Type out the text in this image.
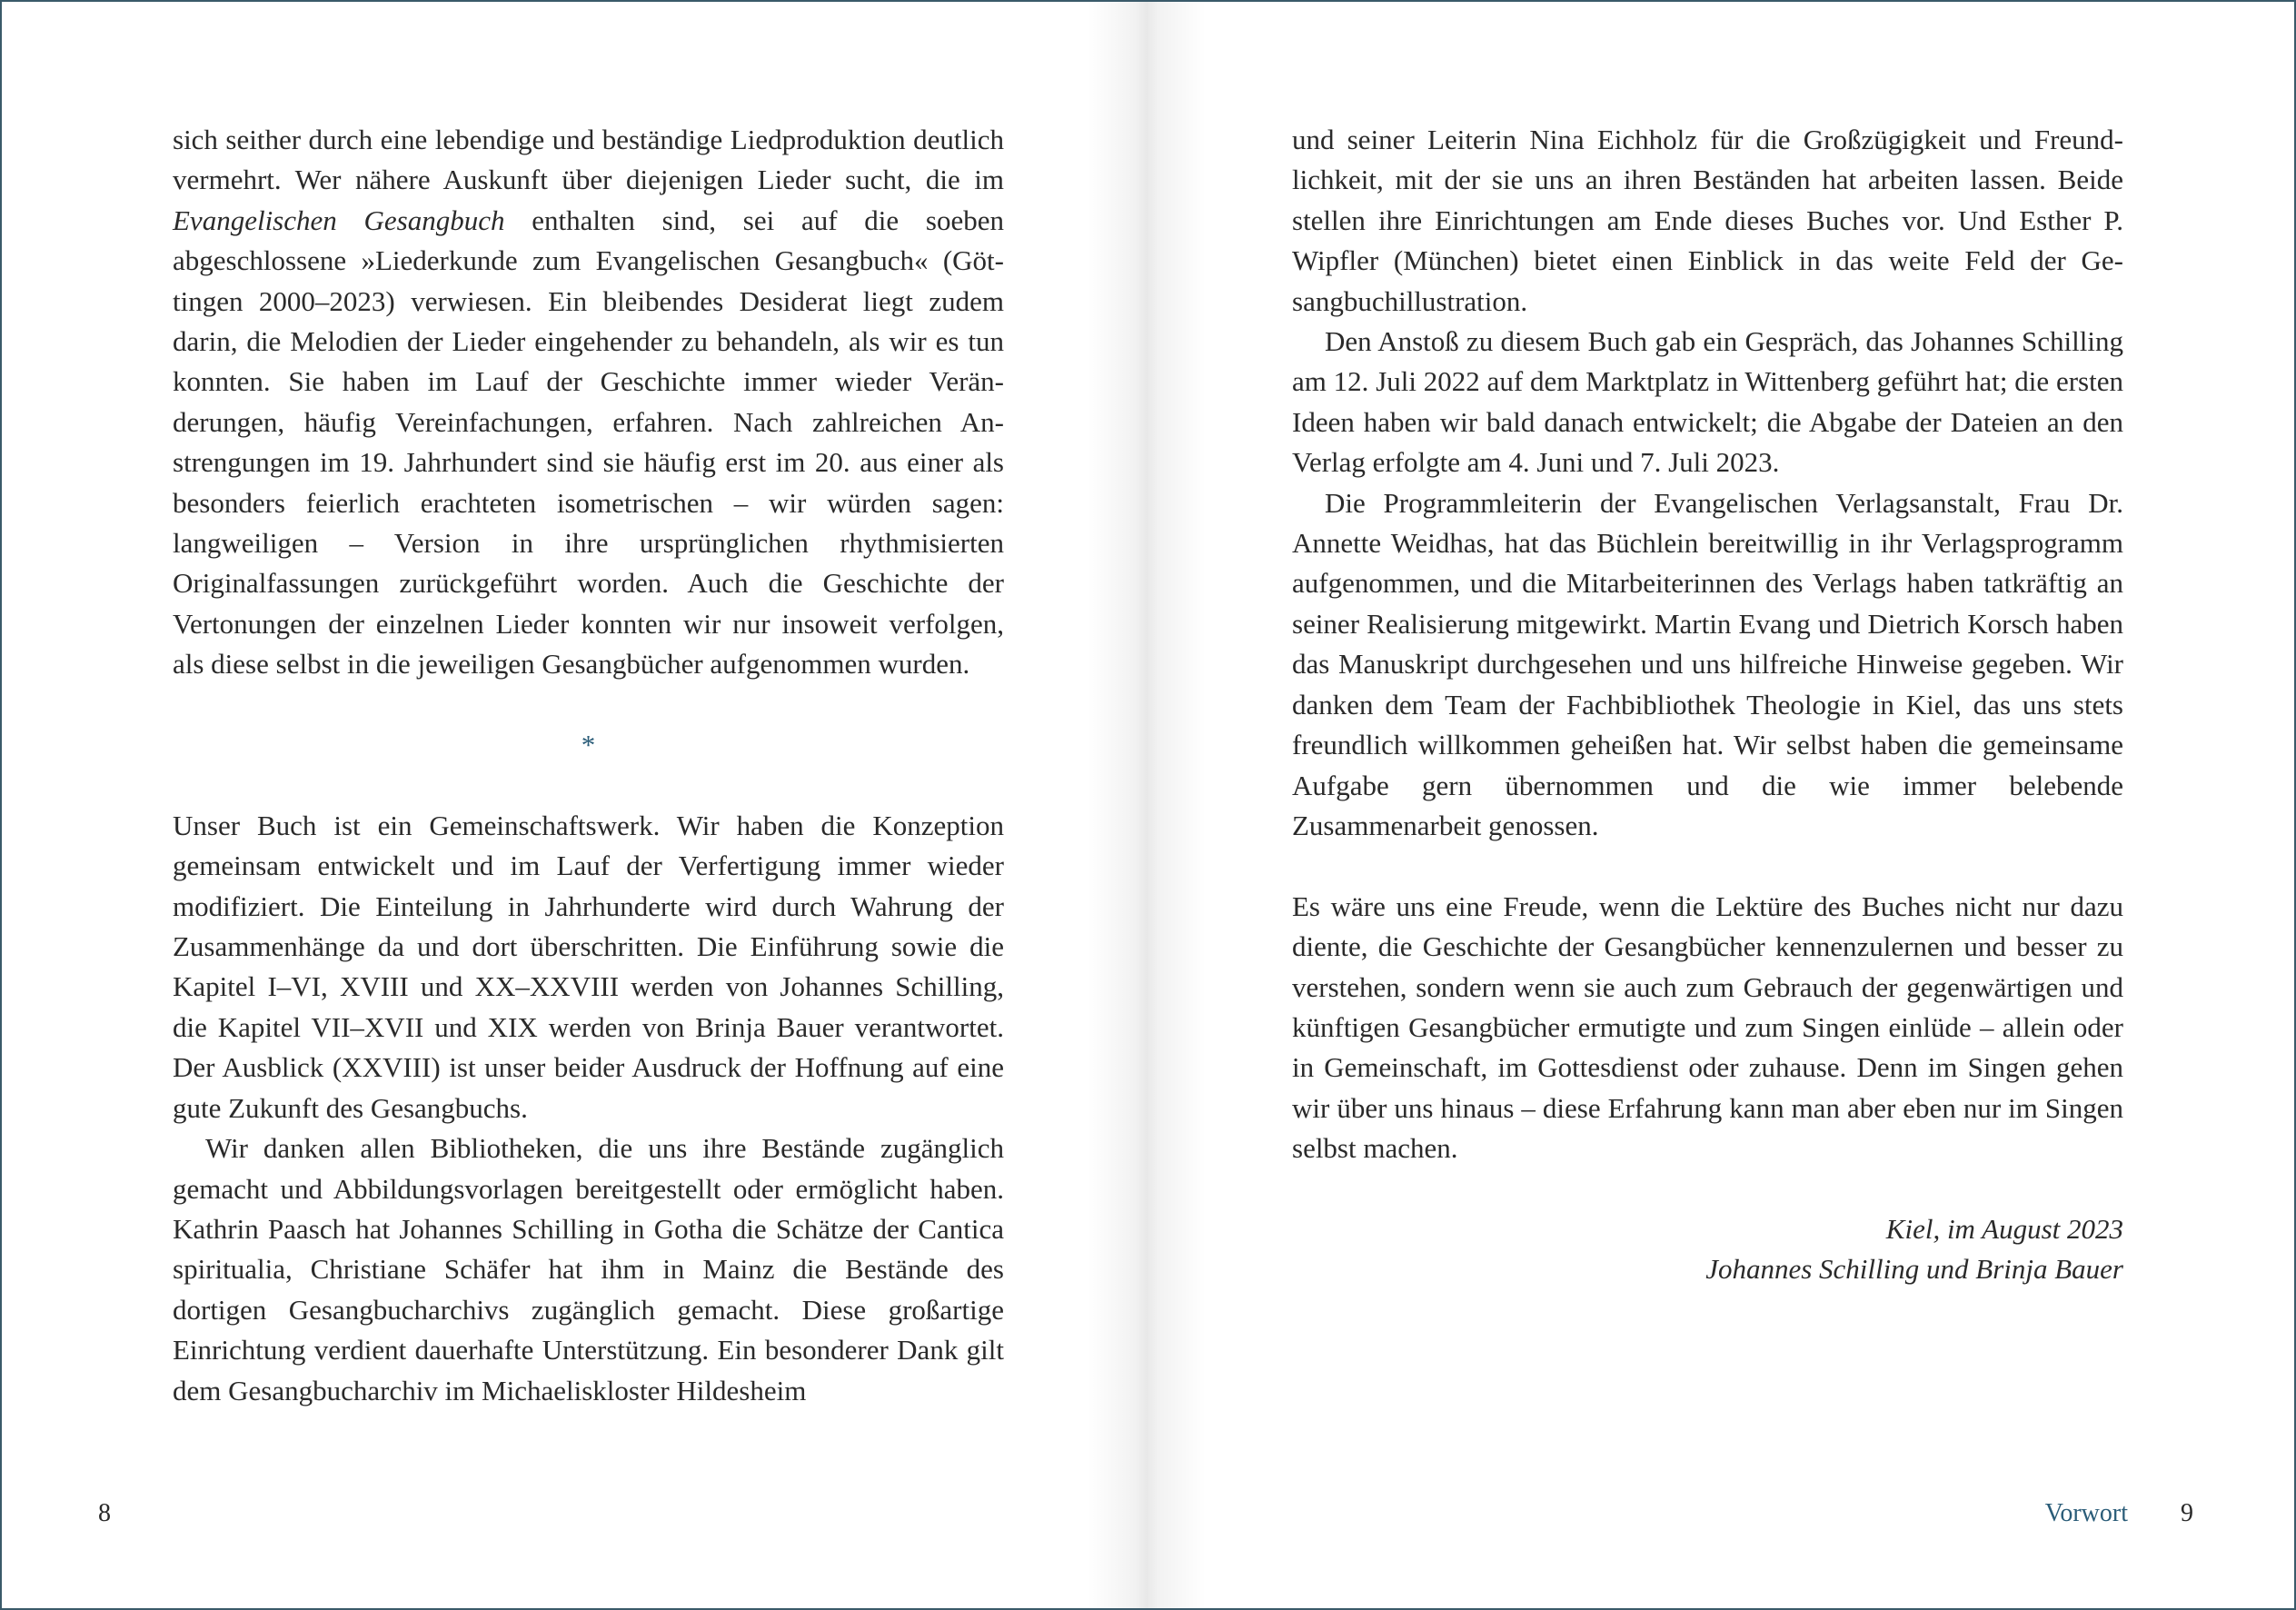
sich seither durch eine lebendige und beständige Liedproduktion deutlich vermehrt. Wer nähere Auskunft über diejenigen Lieder sucht, die im Evangelischen Gesangbuch enthalten sind, sei auf die soeben abgeschlossene »Liederkunde zum Evangelischen Gesangbuch« (Göttingen 2000–2023) verwiesen. Ein bleibendes Desiderat liegt zudem darin, die Melodien der Lieder eingehender zu behandeln, als wir es tun konnten. Sie haben im Lauf der Geschichte immer wieder Veränderungen, häufig Vereinfachungen, erfahren. Nach zahlreichen Anstrengungen im 19. Jahrhundert sind sie häufig erst im 20. aus einer als besonders feierlich erachteten isometrischen – wir würden sagen: langweiligen – Version in ihre ursprünglichen rhythmisierten Originalfassungen zurückgeführt worden. Auch die Geschichte der Vertonungen der einzelnen Lieder konnten wir nur insoweit verfolgen, als diese selbst in die jeweiligen Gesangbücher aufgenommen wurden.

*

Unser Buch ist ein Gemeinschaftswerk. Wir haben die Konzeption gemeinsam entwickelt und im Lauf der Verfertigung immer wieder modifiziert. Die Einteilung in Jahrhunderte wird durch Wahrung der Zusammenhänge da und dort überschritten. Die Einführung sowie die Kapitel I–VI, XVIII und XX–XXVIII werden von Johannes Schilling, die Kapitel VII–XVII und XIX werden von Brinja Bauer verantwortet. Der Ausblick (XXVIII) ist unser beider Ausdruck der Hoffnung auf eine gute Zukunft des Gesangbuchs.

Wir danken allen Bibliotheken, die uns ihre Bestände zugänglich gemacht und Abbildungsvorlagen bereitgestellt oder ermöglicht haben. Kathrin Paasch hat Johannes Schilling in Gotha die Schätze der Cantica spiritualia, Christiane Schäfer hat ihm in Mainz die Bestände des dortigen Gesangbucharchivs zugänglich gemacht. Diese großartige Einrichtung verdient dauerhafte Unterstützung. Ein besonderer Dank gilt dem Gesangbucharchiv im Michaeliskloster Hildesheim

und seiner Leiterin Nina Eichholz für die Großzügigkeit und Freundlichkeit, mit der sie uns an ihren Beständen hat arbeiten lassen. Beide stellen ihre Einrichtungen am Ende dieses Buches vor. Und Esther P. Wipfler (München) bietet einen Einblick in das weite Feld der Gesangbuchillustration.

Den Anstoß zu diesem Buch gab ein Gespräch, das Johannes Schilling am 12. Juli 2022 auf dem Marktplatz in Wittenberg geführt hat; die ersten Ideen haben wir bald danach entwickelt; die Abgabe der Dateien an den Verlag erfolgte am 4. Juni und 7. Juli 2023.

Die Programmleiterin der Evangelischen Verlagsanstalt, Frau Dr. Annette Weidhas, hat das Büchlein bereitwillig in ihr Verlagsprogramm aufgenommen, und die Mitarbeiterinnen des Verlags haben tatkräftig an seiner Realisierung mitgewirkt. Martin Evang und Dietrich Korsch haben das Manuskript durchgesehen und uns hilfreiche Hinweise gegeben. Wir danken dem Team der Fachbibliothek Theologie in Kiel, das uns stets freundlich willkommen geheißen hat. Wir selbst haben die gemeinsame Aufgabe gern übernommen und die wie immer belebende Zusammenarbeit genossen.

Es wäre uns eine Freude, wenn die Lektüre des Buches nicht nur dazu diente, die Geschichte der Gesangbücher kennenzulernen und besser zu verstehen, sondern wenn sie auch zum Gebrauch der gegenwärtigen und künftigen Gesangbücher ermutigte und zum Singen einlüde – allein oder in Gemeinschaft, im Gottesdienst oder zuhause. Denn im Singen gehen wir über uns hinaus – diese Erfahrung kann man aber eben nur im Singen selbst machen.

Kiel, im August 2023
Johannes Schilling und Brinja Bauer
8	Vorwort 9
